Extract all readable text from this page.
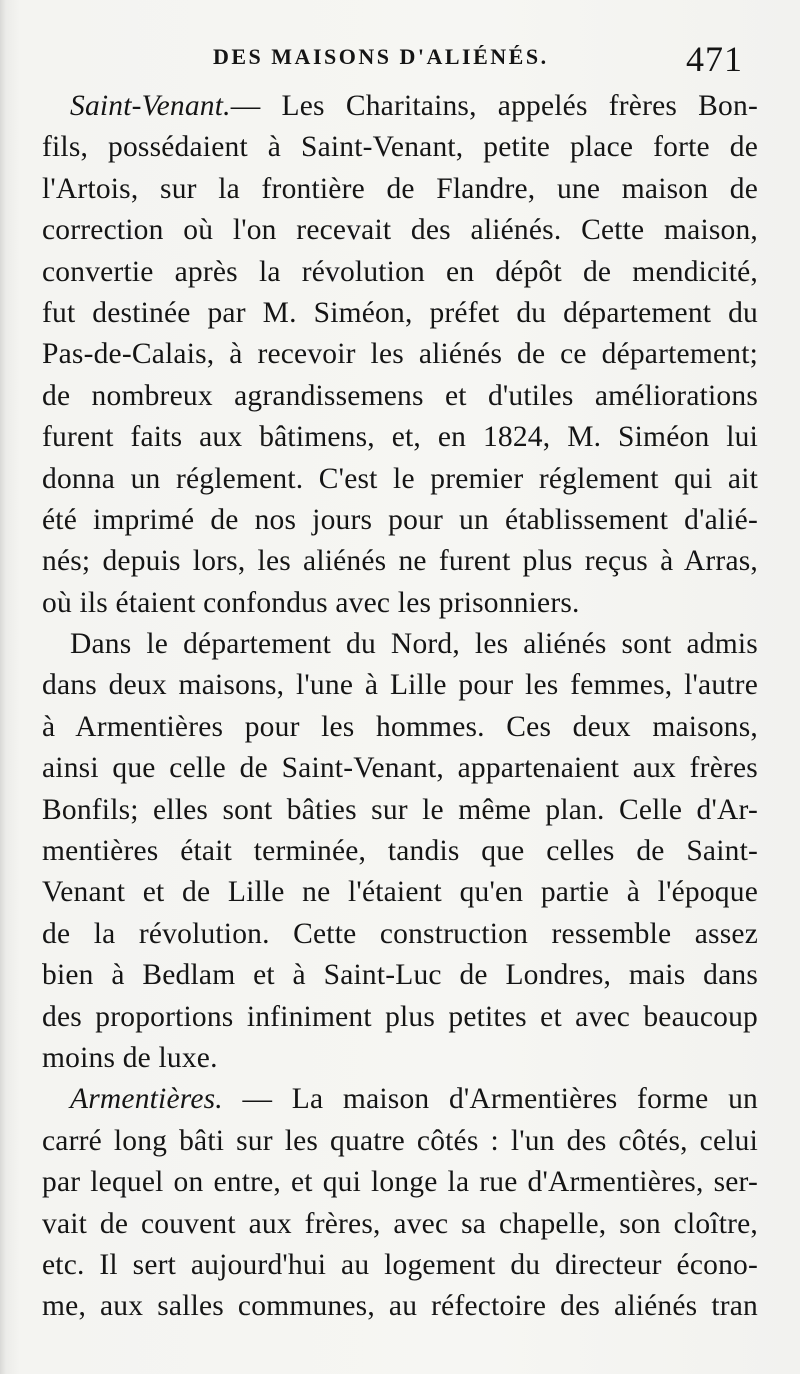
DES MAISONS D'ALIÉNÉS.	471
Saint-Venant.— Les Charitains, appelés frères Bon-
fils, possédaient à Saint-Venant, petite place forte de
l'Artois, sur la frontière de Flandre, une maison de
correction où l'on recevait des aliénés. Cette maison,
convertie après la révolution en dépôt de mendicité,
fut destinée par M. Siméon, préfet du département du
Pas-de-Calais, à recevoir les aliénés de ce département;
de nombreux agrandissemens et d'utiles améliorations
furent faits aux bâtimens, et, en 1824, M. Siméon lui
donna un réglement. C'est le premier réglement qui ait
été imprimé de nos jours pour un établissement d'alié-
nés; depuis lors, les aliénés ne furent plus reçus à Arras,
où ils étaient confondus avec les prisonniers.
Dans le département du Nord, les aliénés sont admis
dans deux maisons, l'une à Lille pour les femmes, l'autre
à Armentières pour les hommes. Ces deux maisons,
ainsi que celle de Saint-Venant, appartenaient aux frères
Bonfils; elles sont bâties sur le même plan. Celle d'Ar-
mentières était terminée, tandis que celles de Saint-
Venant et de Lille ne l'étaient qu'en partie à l'époque
de la révolution. Cette construction ressemble assez
bien à Bedlam et à Saint-Luc de Londres, mais dans
des proportions infiniment plus petites et avec beaucoup
moins de luxe.
Armentières. — La maison d'Armentières forme un
carré long bâti sur les quatre côtés : l'un des côtés, celui
par lequel on entre, et qui longe la rue d'Armentières, ser-
vait de couvent aux frères, avec sa chapelle, son cloître,
etc. Il sert aujourd'hui au logement du directeur écono-
me, aux salles communes, au réfectoire des aliénés tran
